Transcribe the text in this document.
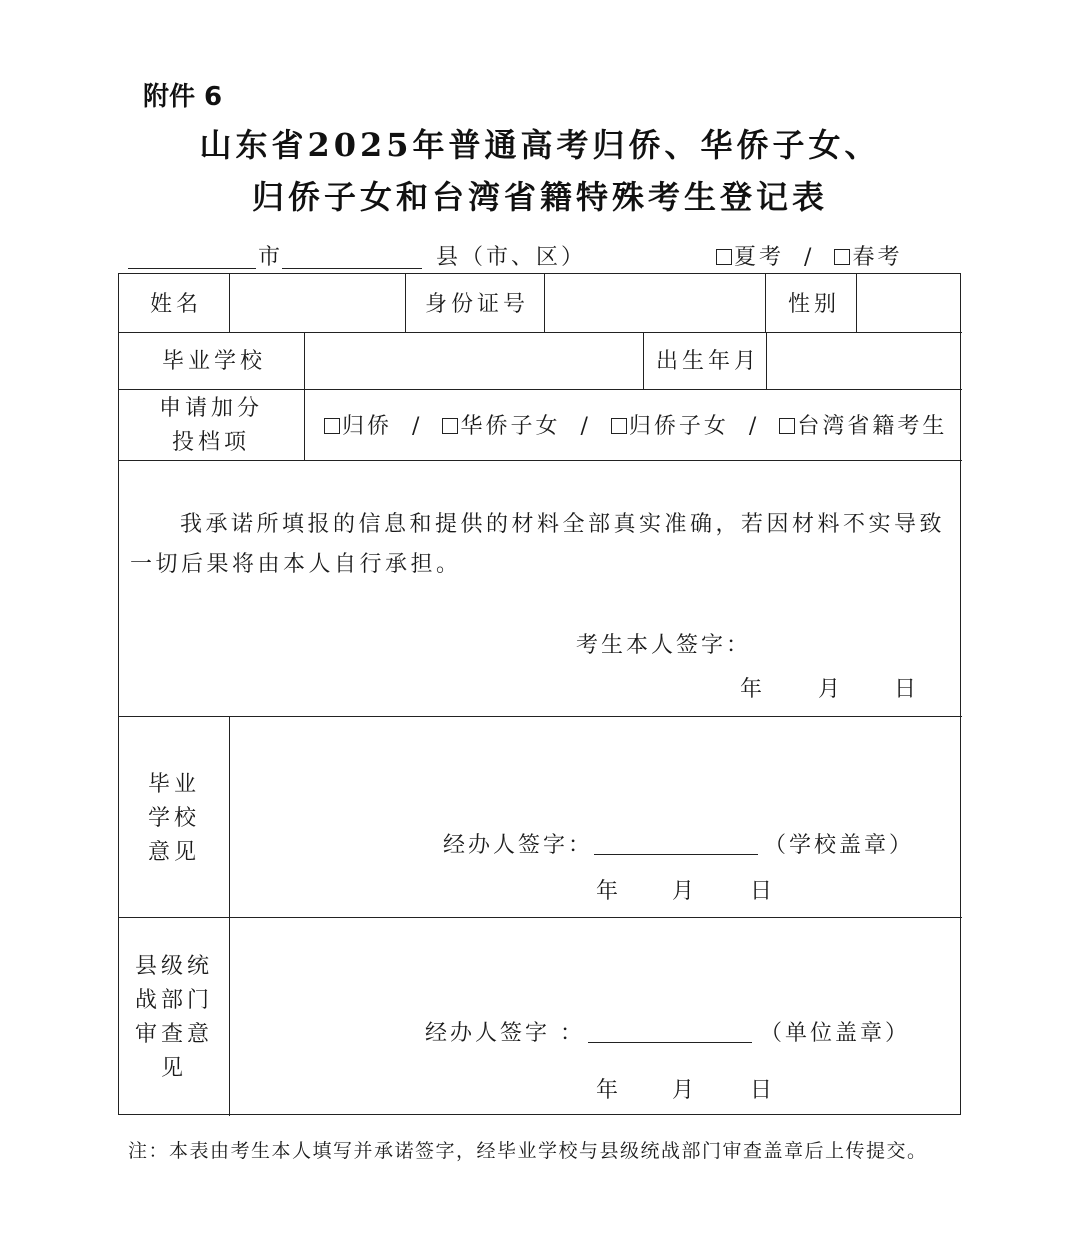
附件 6
山东省2025年普通高考归侨、华侨子女、
归侨子女和台湾省籍特殊考生登记表
市	县（市、区）	夏考 / 春考
姓名	身份证号	性别
毕业学校	出生年月
申请加分
投档项
归侨 / 华侨子女 / 归侨子女 / 台湾省籍考生
我承诺所填报的信息和提供的材料全部真实准确，若因材料不实导致一切后果将由本人自行承担。
考生本人签字：
年 月 日
毕业
学校
意见	经办人签字：	（学校盖章）
年 月 日
县级统
战部门
审查意
见
经办人签字 ：	（单位盖章）
年 月 日
注：本表由考生本人填写并承诺签字，经毕业学校与县级统战部门审查盖章后上传提交。
